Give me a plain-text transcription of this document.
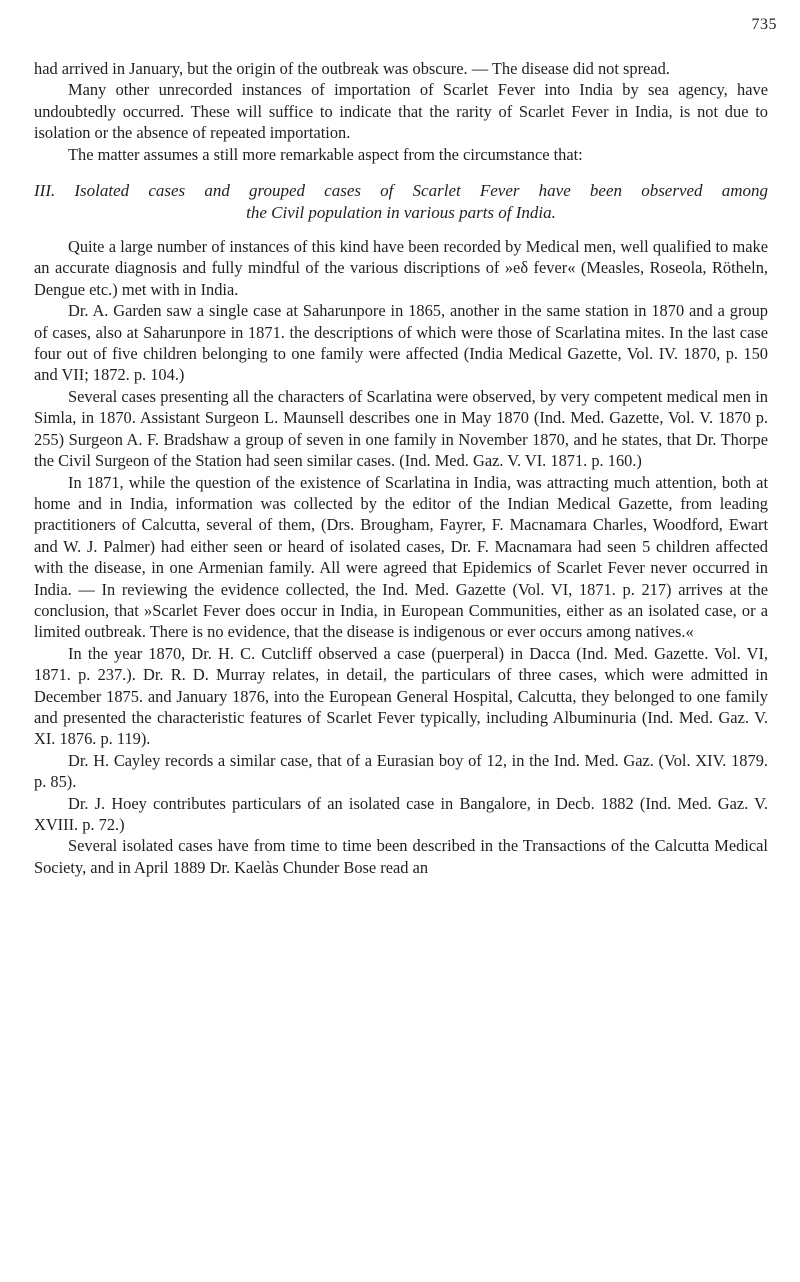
735

had arrived in January, but the origin of the outbreak was obscure. — The disease did not spread.

Many other unrecorded instances of importation of Scarlet Fever into India by sea agency, have undoubtedly occurred. These will suffice to indicate that the rarity of Scarlet Fever in India, is not due to isolation or the absence of repeated importation.

The matter assumes a still more remarkable aspect from the circumstance that:

III. Isolated cases and grouped cases of Scarlet Fever have been observed among
the Civil population in various parts of India.

Quite a large number of instances of this kind have been recorded by Medical men, well qualified to make an accurate diagnosis and fully mindful of the various discriptions of »eδ fever« (Measles, Roseola, Rötheln, Dengue etc.) met with in India.

Dr. A. Garden saw a single case at Saharunpore in 1865, another in the same station in 1870 and a group of cases, also at Saharunpore in 1871. the descriptions of which were those of Scarlatina mites. In the last case four out of five children belonging to one family were affected (India Medical Gazette, Vol. IV. 1870, p. 150 and VII; 1872. p. 104.)

Several cases presenting all the characters of Scarlatina were observed, by very competent medical men in Simla, in 1870. Assistant Surgeon L. Maunsell describes one in May 1870 (Ind. Med. Gazette, Vol. V. 1870 p. 255) Surgeon A. F. Bradshaw a group of seven in one family in November 1870, and he states, that Dr. Thorpe the Civil Surgeon of the Station had seen similar cases. (Ind. Med. Gaz. V. VI. 1871. p. 160.)

In 1871, while the question of the existence of Scarlatina in India, was attracting much attention, both at home and in India, information was collected by the editor of the Indian Medical Gazette, from leading practitioners of Calcutta, several of them, (Drs. Brougham, Fayrer, F. Macnamara Charles, Woodford, Ewart and W. J. Palmer) had either seen or heard of isolated cases, Dr. F. Macnamara had seen 5 children affected with the disease, in one Armenian family. All were agreed that Epidemics of Scarlet Fever never occurred in India. — In reviewing the evidence collected, the Ind. Med. Gazette (Vol. VI, 1871. p. 217) arrives at the conclusion, that »Scarlet Fever does occur in India, in European Communities, either as an isolated case, or a limited outbreak. There is no evidence, that the disease is indigenous or ever occurs among natives.«

In the year 1870, Dr. H. C. Cutcliff observed a case (puerperal) in Dacca (Ind. Med. Gazette. Vol. VI, 1871. p. 237.). Dr. R. D. Murray relates, in detail, the particulars of three cases, which were admitted in December 1875. and January 1876, into the European General Hospital, Calcutta, they belonged to one family and presented the characteristic features of Scarlet Fever typically, including Albuminuria (Ind. Med. Gaz. V. XI. 1876. p. 119).

Dr. H. Cayley records a similar case, that of a Eurasian boy of 12, in the Ind. Med. Gaz. (Vol. XIV. 1879. p. 85).

Dr. J. Hoey contributes particulars of an isolated case in Bangalore, in Decb. 1882 (Ind. Med. Gaz. V. XVIII. p. 72.)

Several isolated cases have from time to time been described in the Transactions of the Calcutta Medical Society, and in April 1889 Dr. Kaelàs Chunder Bose read an
